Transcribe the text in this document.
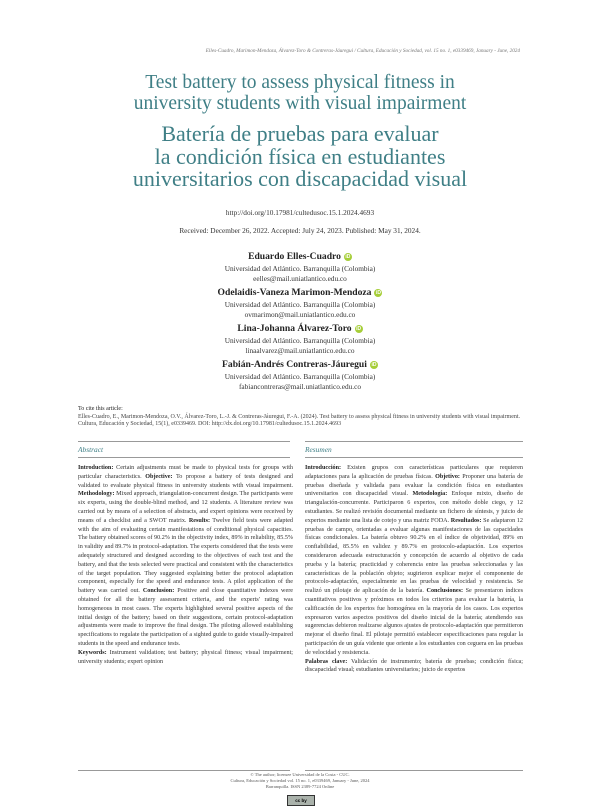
Elles-Cuadro, Marimon-Mendoza, Álvarez-Toro & Contreras-Jáuregui / Cultura, Educación y Sociedad, vol. 15 no. 1, e0339469, January - June, 2024
Test battery to assess physical fitness in
university students with visual impairment
Batería de pruebas para evaluar
la condición física en estudiantes
universitarios con discapacidad visual
http://doi.org/10.17981/cultedusoc.15.1.2024.4693
Received: December 26, 2022. Accepted: July 24, 2023. Published: May 31, 2024.
Eduardo Elles-Cuadro iD
Universidad del Atlántico. Barranquilla (Colombia)
eelles@mail.uniatlantico.edu.co
Odelaidis-Vaneza Marimon-Mendoza iD
Universidad del Atlántico. Barranquilla (Colombia)
ovmarimon@mail.uniatlantico.edu.co
Lina-Johanna Álvarez-Toro iD
Universidad del Atlántico. Barranquilla (Colombia)
linaalvarez@mail.uniatlantico.edu.co
Fabián-Andrés Contreras-Jáuregui iD
Universidad del Atlántico. Barranquilla (Colombia)
fabiancontreras@mail.uniatlantico.edu.co
To cite this article:
Elles-Cuadro, E., Marimon-Mendoza, O.V., Álvarez-Toro, L.-J. & Contreras-Jáuregui, F.-A. (2024). Test battery to assess physical fitness in university students with visual impairment. Cultura, Educación y Sociedad, 15(1), e0339469. DOI: http://dx.doi.org/10.17981/cultedusoc.15.1.2024.4693
Abstract	Resumen

Introduction: Certain adjustments must be made to physical tests for groups with particular characteristics. Objective: To propose a battery of tests designed and validated to evaluate physical fitness in university students with visual impairment. Methodology: Mixed approach, triangulation-concurrent design. The participants were six experts, using the double-blind method, and 12 students. A literature review was carried out by means of a selection of abstracts, and expert opinions were received by means of a checklist and a SWOT matrix. Results: Twelve field tests were adapted with the aim of evaluating certain manifestations of conditional physical capacities. The battery obtained scores of 90.2% in the objectivity index, 89% in reliability, 85.5% in validity and 89.7% in protocol-adaptation. The experts considered that the tests were adequately structured and designed according to the objectives of each test and the battery, and that the tests selected were practical and consistent with the characteristics of the target population. They suggested explaining better the protocol adaptation component, especially for the speed and endurance tests. A pilot application of the battery was carried out. Conclusion: Positive and close quantitative indexes were obtained for all the battery assessment criteria, and the experts' rating was homogeneous in most cases. The experts highlighted several positive aspects of the initial design of the battery; based on their suggestions, certain protocol-adaptation adjustments were made to improve the final design. The piloting allowed establishing specifications to regulate the participation of a sighted guide to guide visually-impaired students in the speed and endurance tests.

Keywords: Instrument validation; test battery; physical fitness; visual impairment; university students; expert opinion

Introducción: Existen grupos con características particulares que requieren adaptaciones para la aplicación de pruebas físicas. Objetivo: Proponer una batería de pruebas diseñada y validada para evaluar la condición física en estudiantes universitarios con discapacidad visual. Metodología: Enfoque mixto, diseño de triangulación-concurrente. Participaron 6 expertos, con método doble ciego, y 12 estudiantes. Se realizó revisión documental mediante un fichero de síntesis, y juicio de expertos mediante una lista de cotejo y una matriz FODA. Resultados: Se adaptaron 12 pruebas de campo, orientadas a evaluar algunas manifestaciones de las capacidades físicas condicionales. La batería obtuvo 90.2% en el índice de objetividad, 89% en confiabilidad, 85.5% en validez y 89.7% en protocolo-adaptación. Los expertos consideraron adecuada estructuración y concepción de acuerdo al objetivo de cada prueba y la batería; practicidad y coherencia entre las pruebas seleccionadas y las características de la población objeto; sugirieron explicar mejor el componente de protocolo-adaptación, especialmente en las pruebas de velocidad y resistencia. Se realizó un pilotaje de aplicación de la batería. Conclusiones: Se presentaron índices cuantitativos positivos y próximos en todos los criterios para evaluar la batería, la calificación de los expertos fue homogénea en la mayoría de los casos. Los expertos expresaron varios aspectos positivos del diseño inicial de la batería; atendiendo sus sugerencias debieron realizarse algunos ajustes de protocolo-adaptación que permitieron mejorar el diseño final. El pilotaje permitió establecer especificaciones para regular la participación de un guía vidente que oriente a los estudiantes con ceguera en las pruebas de velocidad y resistencia.

Palabras clave: Validación de instrumento; batería de pruebas; condición física; discapacidad visual; estudiantes universitarios; juicio de expertos

© The author; licensee Universidad de la Costa - CUC.
Cultura, Educación y Sociedad vol. 15 no. 1, e0339469, January - June, 2024
Barranquilla. ISSN 2389-7724 Online
cc by
